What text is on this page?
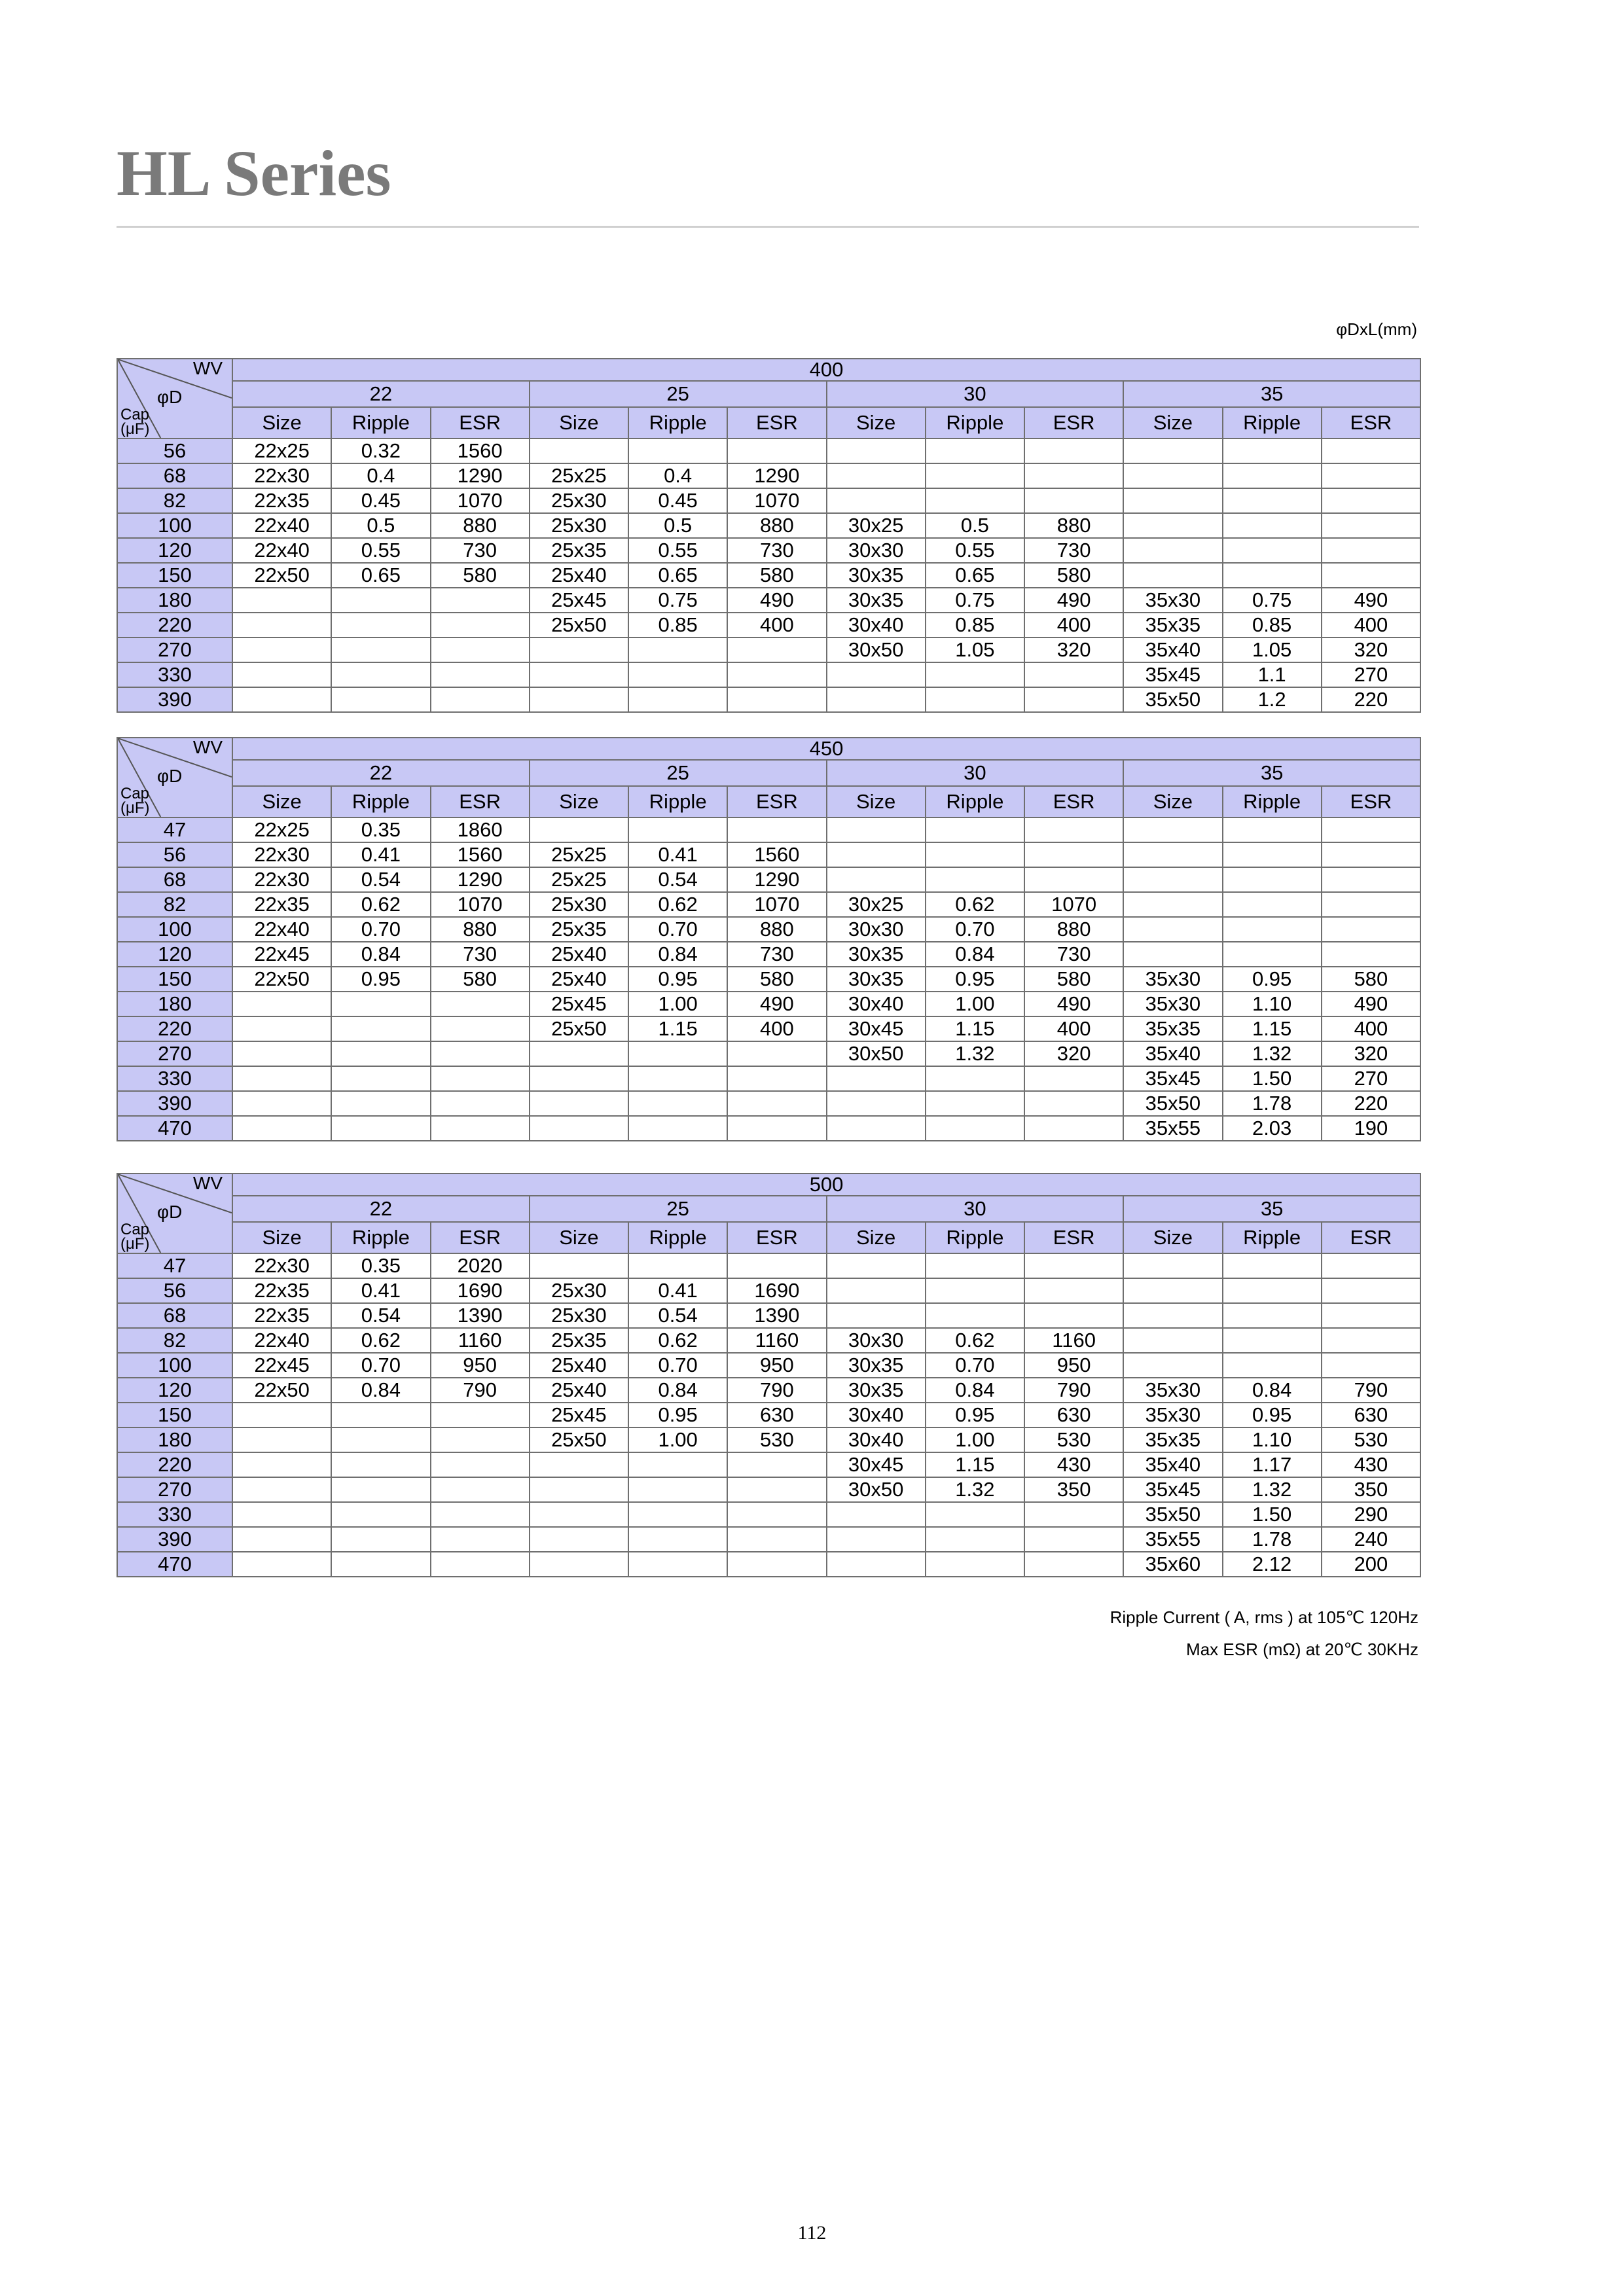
HL Series
φDxL(mm)
WV
φD
Cap
(μF)	400											
	22			25			30			35		
	Size	Ripple	ESR	Size	Ripple	ESR	Size	Ripple	ESR	Size	Ripple	ESR
56	22x25	0.32	1560									
68	22x30	0.4	1290	25x25	0.4	1290						
82	22x35	0.45	1070	25x30	0.45	1070						
100	22x40	0.5	880	25x30	0.5	880	30x25	0.5	880			
120	22x40	0.55	730	25x35	0.55	730	30x30	0.55	730			
150	22x50	0.65	580	25x40	0.65	580	30x35	0.65	580			
180				25x45	0.75	490	30x35	0.75	490	35x30	0.75	490
220				25x50	0.85	400	30x40	0.85	400	35x35	0.85	400
270							30x50	1.05	320	35x40	1.05	320
330										35x45	1.1	270
390										35x50	1.2	220
WV
φD
Cap
(μF)	450											
	22			25			30			35		
	Size	Ripple	ESR	Size	Ripple	ESR	Size	Ripple	ESR	Size	Ripple	ESR
47	22x25	0.35	1860									
56	22x30	0.41	1560	25x25	0.41	1560						
68	22x30	0.54	1290	25x25	0.54	1290						
82	22x35	0.62	1070	25x30	0.62	1070	30x25	0.62	1070			
100	22x40	0.70	880	25x35	0.70	880	30x30	0.70	880			
120	22x45	0.84	730	25x40	0.84	730	30x35	0.84	730			
150	22x50	0.95	580	25x40	0.95	580	30x35	0.95	580	35x30	0.95	580
180				25x45	1.00	490	30x40	1.00	490	35x30	1.10	490
220				25x50	1.15	400	30x45	1.15	400	35x35	1.15	400
270							30x50	1.32	320	35x40	1.32	320
330										35x45	1.50	270
390										35x50	1.78	220
470										35x55	2.03	190
WV
φD
Cap
(μF)	500											
	22			25			30			35		
	Size	Ripple	ESR	Size	Ripple	ESR	Size	Ripple	ESR	Size	Ripple	ESR
47	22x30	0.35	2020									
56	22x35	0.41	1690	25x30	0.41	1690						
68	22x35	0.54	1390	25x30	0.54	1390						
82	22x40	0.62	1160	25x35	0.62	1160	30x30	0.62	1160			
100	22x45	0.70	950	25x40	0.70	950	30x35	0.70	950			
120	22x50	0.84	790	25x40	0.84	790	30x35	0.84	790	35x30	0.84	790
150				25x45	0.95	630	30x40	0.95	630	35x30	0.95	630
180				25x50	1.00	530	30x40	1.00	530	35x35	1.10	530
220							30x45	1.15	430	35x40	1.17	430
270							30x50	1.32	350	35x45	1.32	350
330										35x50	1.50	290
390										35x55	1.78	240
470										35x60	2.12	200
Ripple Current ( A, rms ) at 105℃ 120Hz
Max ESR (mΩ) at 20℃ 30KHz
112
